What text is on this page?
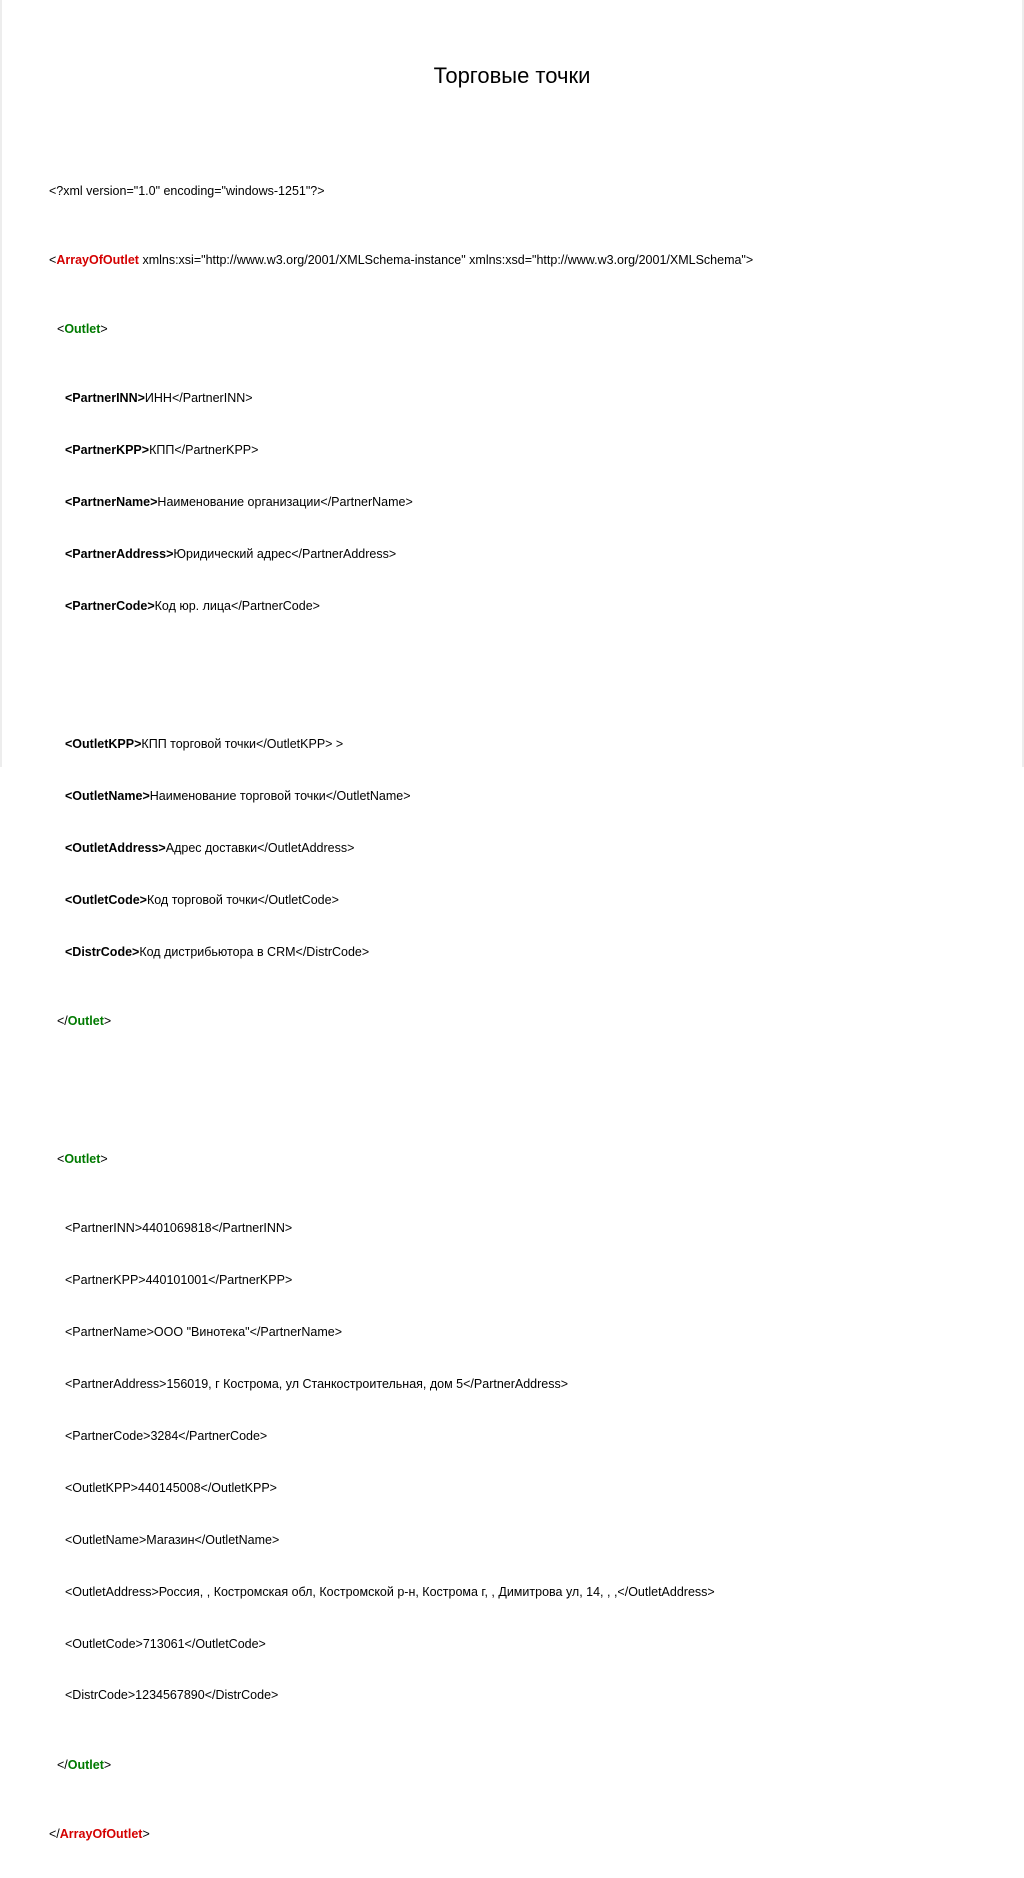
Торговые точки

<?xml version="1.0" encoding="windows-1251"?>

<ArrayOfOutlet xmlns:xsi="http://www.w3.org/2001/XMLSchema-instance" xmlns:xsd="http://www.w3.org/2001/XMLSchema">

<Outlet>

<PartnerINN>ИНН</PartnerINN>

<PartnerKPP>КПП</PartnerKPP>

<PartnerName>Наименование организации</PartnerName>

<PartnerAddress>Юридический адрес</PartnerAddress>

<PartnerCode>Код юр. лица</PartnerCode>

<OutletKPP>КПП торговой точки</OutletKPP> >

<OutletName>Наименование торговой точки</OutletName>

<OutletAddress>Адрес доставки</OutletAddress>

<OutletCode>Код торговой точки</OutletCode>

<DistrCode>Код дистрибьютора в CRM</DistrCode>

</Outlet>

<Outlet>

<PartnerINN>4401069818</PartnerINN>

<PartnerKPP>440101001</PartnerKPP>

<PartnerName>ООО "Винотека"</PartnerName>

<PartnerAddress>156019, г Кострома, ул Станкостроительная, дом 5</PartnerAddress>

<PartnerCode>3284</PartnerCode>

<OutletKPP>440145008</OutletKPP>

<OutletName>Магазин</OutletName>

<OutletAddress>Россия, , Костромская обл, Костромской р-н, Кострома г, , Димитрова ул, 14, , ,</OutletAddress>

<OutletCode>713061</OutletCode>

<DistrCode>1234567890</DistrCode>

</Outlet>

</ArrayOfOutlet>
